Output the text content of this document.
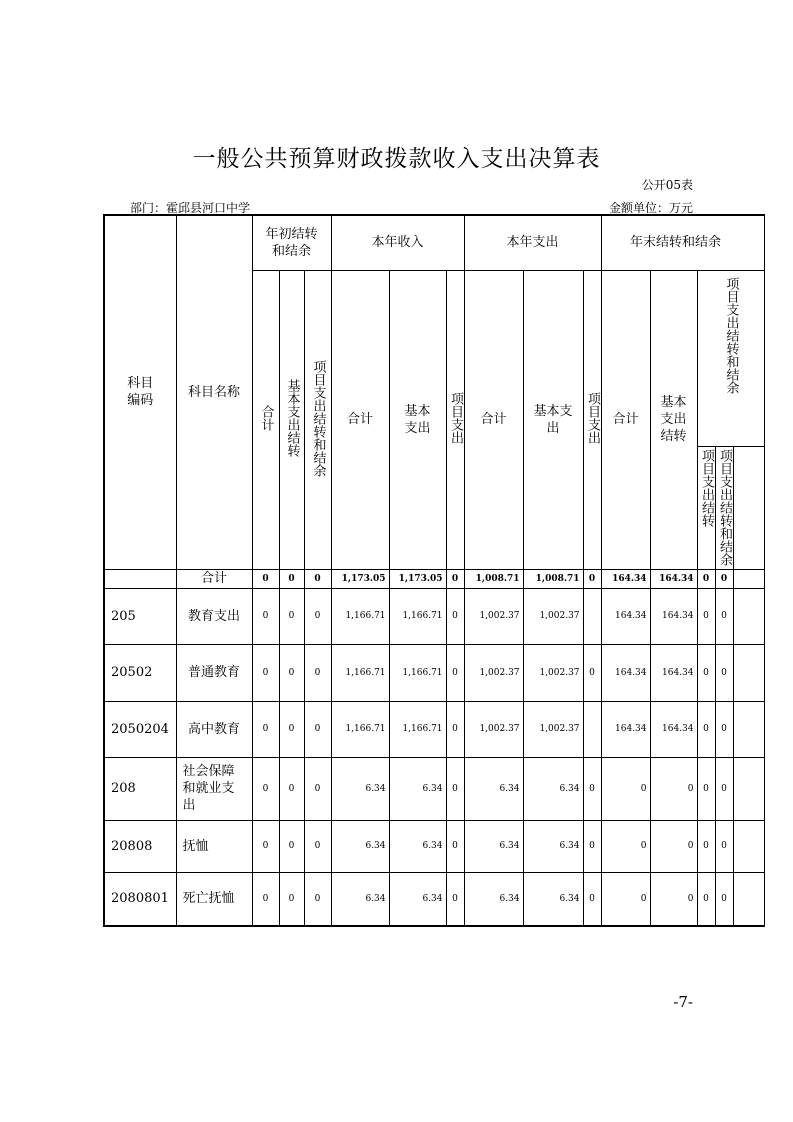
一般公共预算财政拨款收入支出决算表
公开05表
部门：霍邱县河口中学	金额单位：万元
科目编码	科目名称	年初结转和结余			本年收入			本年支出			年末结转和结余				

		合计	基本支出结转	项目支出结转和结余	合计	基本支出	项目支出	合计	基本支出	项目支出	合计	基本支出结转	项目支出结转和结余		
													项目支出结转	项目支出结转和结余	
	合计	0	0	0	1,173.05	1,173.05	0	1,008.71	1,008.71	0	164.34	164.34	0	0	
205	教育支出	0	0	0	1,166.71	1,166.71	0	1,002.37	1,002.37		164.34	164.34	0	0	
20502	普通教育	0	0	0	1,166.71	1,166.71	0	1,002.37	1,002.37	0	164.34	164.34	0	0	
2050204	高中教育	0	0	0	1,166.71	1,166.71	0	1,002.37	1,002.37		164.34	164.34	0	0	
208	社会保障和就业支出	0	0	0	6.34	6.34	0	6.34	6.34	0	0	0	0	0	
20808	抚恤	0	0	0	6.34	6.34	0	6.34	6.34	0	0	0	0	0	
2080801	死亡抚恤	0	0	0	6.34	6.34	0	6.34	6.34	0	0	0	0	0	
-7-
